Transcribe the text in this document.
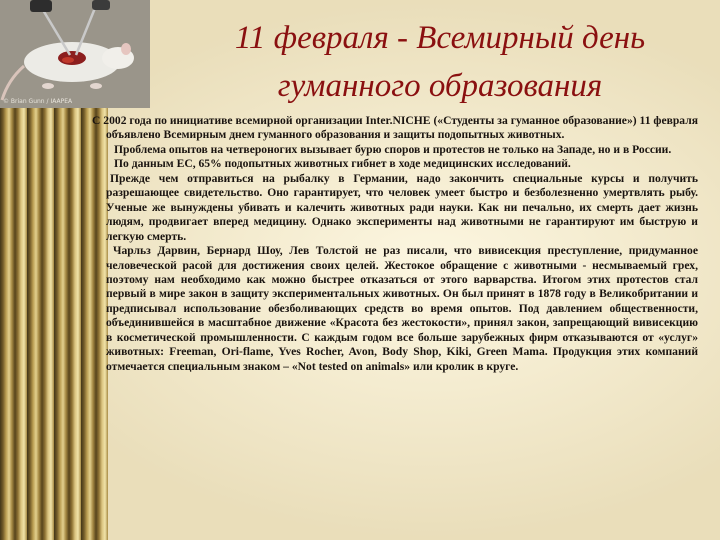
© Brian Gunn / IAAPEA
11 февраля - Всемирный день
гуманного образования

С 2002 года по инициативе всемирной организации Inter.NICHE («Студенты за гуманное образование») 11 февраля объявлено Всемирным днем гуманного образования и защиты подопытных животных.

Проблема опытов на четвероногих вызывает бурю споров и протестов не только на Западе, но и в России.

По данным ЕС, 65% подопытных животных гибнет в ходе медицинских исследований.

Прежде чем отправиться на рыбалку в Германии, надо закончить специальные курсы и получить разрешающее свидетельство. Оно гарантирует, что человек умеет быстро и безболезненно умертвлять рыбу. Ученые же вынуждены убивать и калечить животных ради науки. Как ни печально, их смерть дает жизнь людям, продвигает вперед медицину. Однако эксперименты над животными не гарантируют им быструю и легкую смерть.

Чарльз Дарвин, Бернард Шоу, Лев Толстой не раз писали, что вивисекция преступление, придуманное человеческой расой для достижения своих целей. Жестокое обращение с животными - несмываемый грех, поэтому нам необходимо как можно быстрее отказаться от этого варварства. Итогом этих протестов стал первый в мире закон в защиту экспериментальных животных. Он был принят в 1878 году в Великобритании и предписывал использование обезболивающих средств во время опытов. Под давлением общественности, объединившейся в масштабное движение «Красота без жестокости», принял закон, запрещающий вивисекцию в косметической промышленности. С каждым годом все больше зарубежных фирм отказываются от «услуг» животных: Freeman, Ori-flame, Yves Rocher, Avon, Body Shop, Kiki, Green Mama. Продукция этих компаний отмечается специальным знаком – «Not tested on animals» или кролик в круге.
